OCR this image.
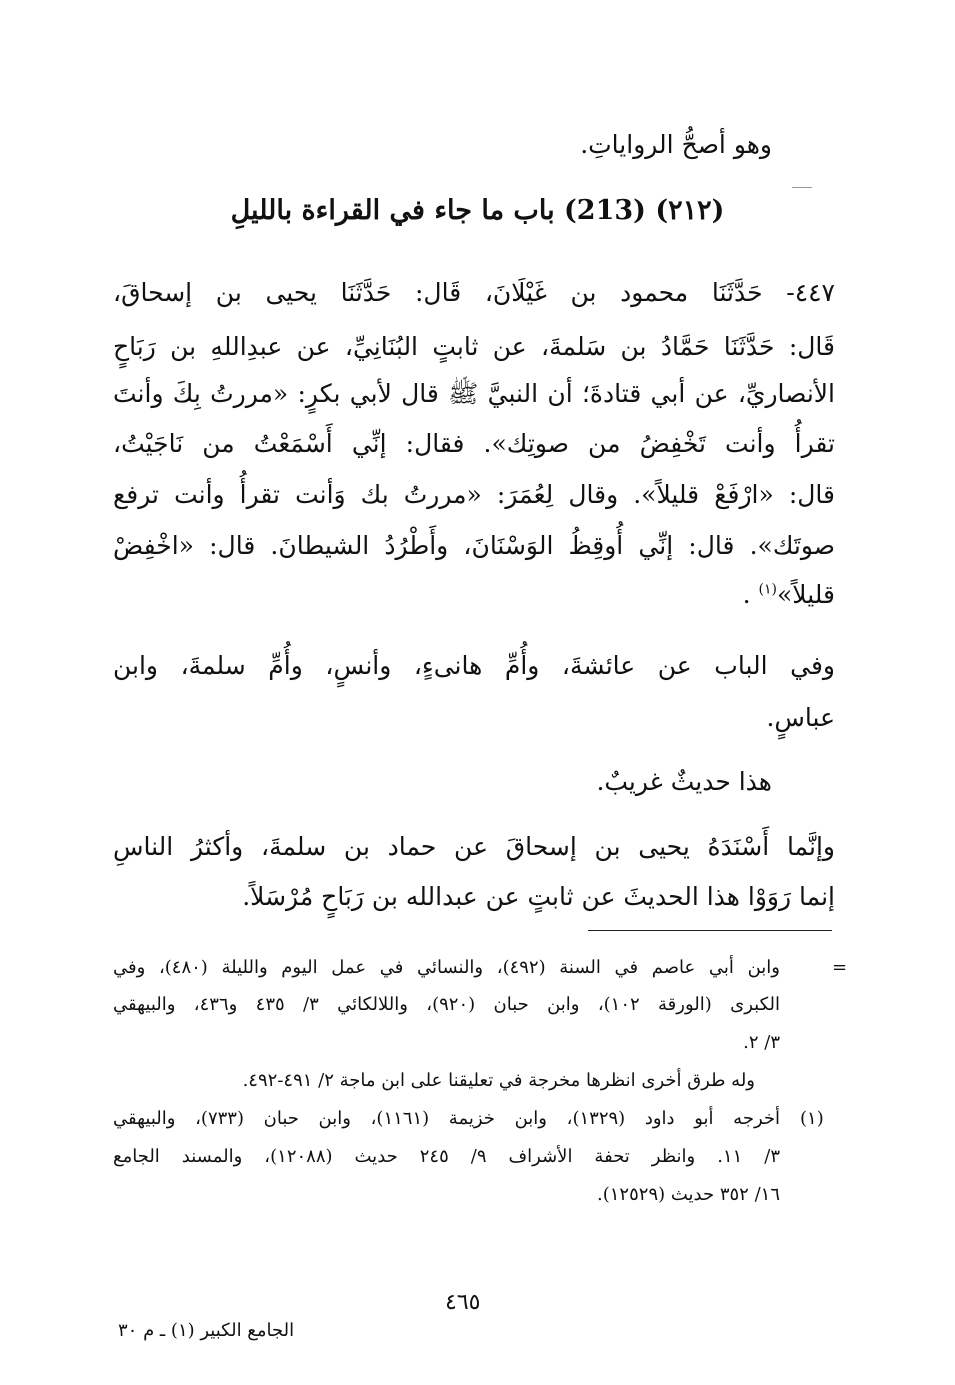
وهو أصحُّ الرواياتِ.
(٢١٢) (213) باب ما جاء في القراءة بالليلِ
٤٤٧- حَدَّثَنَا محمود بن غَيْلَانَ، قَال: حَدَّثَنَا يحيى بن إسحاقَ،
قَال: حَدَّثَنَا حَمَّادُ بن سَلمةَ، عن ثابتٍ البُنَانِيِّ، عن عبدِاللهِ بن رَبَاحٍ
الأنصاريِّ، عن أبي قتادةَ؛ أن النبيَّ ﷺ قال لأبي بكرٍ: «مررتُ بِكَ وأنتَ
تقرأُ وأنت تَخْفِضُ من صوتِك». فقال: إنِّي أَسْمَعْتُ من نَاجَيْتُ،
قال: «ارْفَعْ قليلاً». وقال لِعُمَرَ: «مررتُ بك وَأنت تقرأُ وأنت ترفع
صوتَك». قال: إنِّي أُوقِظُ الوَسْنَانَ، وأَطْرُدُ الشيطانَ. قال: «اخْفِضْ
قليلاً»$^{(١)}$ .
وفي الباب عن عائشةَ، وأُمِّ هانىءٍ، وأنسٍ، وأُمِّ سلمةَ، وابن
عباسٍ.
هذا حديثٌ غريبٌ.
وإنَّما أَسْنَدَهُ يحيى بن إسحاقَ عن حماد بن سلمةَ، وأكثرُ الناسِ
إنما رَوَوْا هذا الحديثَ عن ثابتٍ عن عبدالله بن رَبَاحٍ مُرْسَلاً.
=
وابن أبي عاصم في السنة (٤٩٢)، والنسائي في عمل اليوم والليلة (٤٨٠)، وفي
الكبرى (الورقة ١٠٢)، وابن حبان (٩٢٠)، واللالكائي ٣/ ٤٣٥ و٤٣٦، والبيهقي
٣/ ٢.
وله طرق أخرى انظرها مخرجة في تعليقنا على ابن ماجة ٢/ ٤٩١-٤٩٢.
(١)
أخرجه أبو داود (١٣٢٩)، وابن خزيمة (١١٦١)، وابن حبان (٧٣٣)، والبيهقي
٣/ ١١. وانظر تحفة الأشراف ٩/ ٢٤٥ حديث (١٢٠٨٨)، والمسند الجامع
١٦/ ٣٥٢ حديث (١٢٥٢٩).
٤٦٥
الجامع الكبير (١) ـ م ٣٠
